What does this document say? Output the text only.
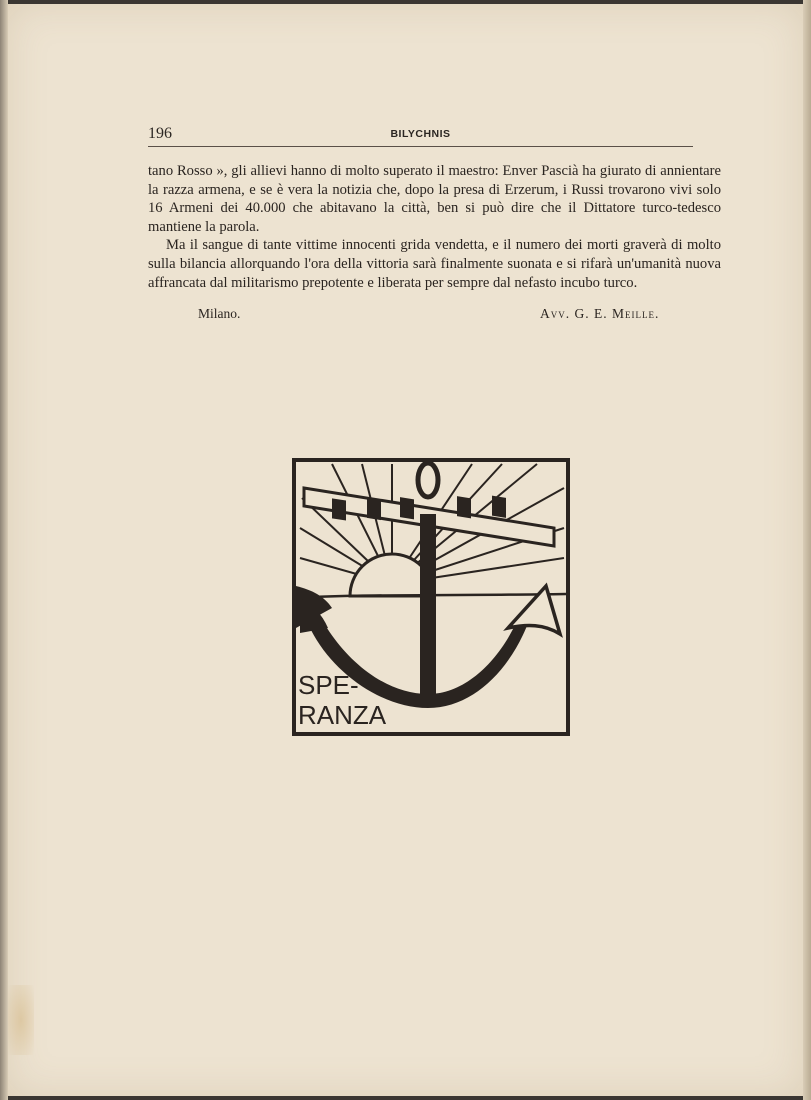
196	BILYCHNIS

tano Rosso », gli allievi hanno di molto superato il maestro: Enver Pascià ha giurato di annientare la razza armena, e se è vera la notizia che, dopo la presa di Erzerum, i Russi trovarono vivi solo 16 Armeni dei 40.000 che abitavano la città, ben si può dire che il Dittatore turco-tedesco mantiene la parola.

Ma il sangue di tante vittime innocenti grida vendetta, e il numero dei morti graverà di molto sulla bilancia allorquando l'ora della vittoria sarà finalmente suonata e si rifarà un'umanità nuova affrancata dal militarismo prepotente e liberata per sempre dal nefasto incubo turco.

Milano.	Avv. G. E. Meille.
SPE-
RANZA
